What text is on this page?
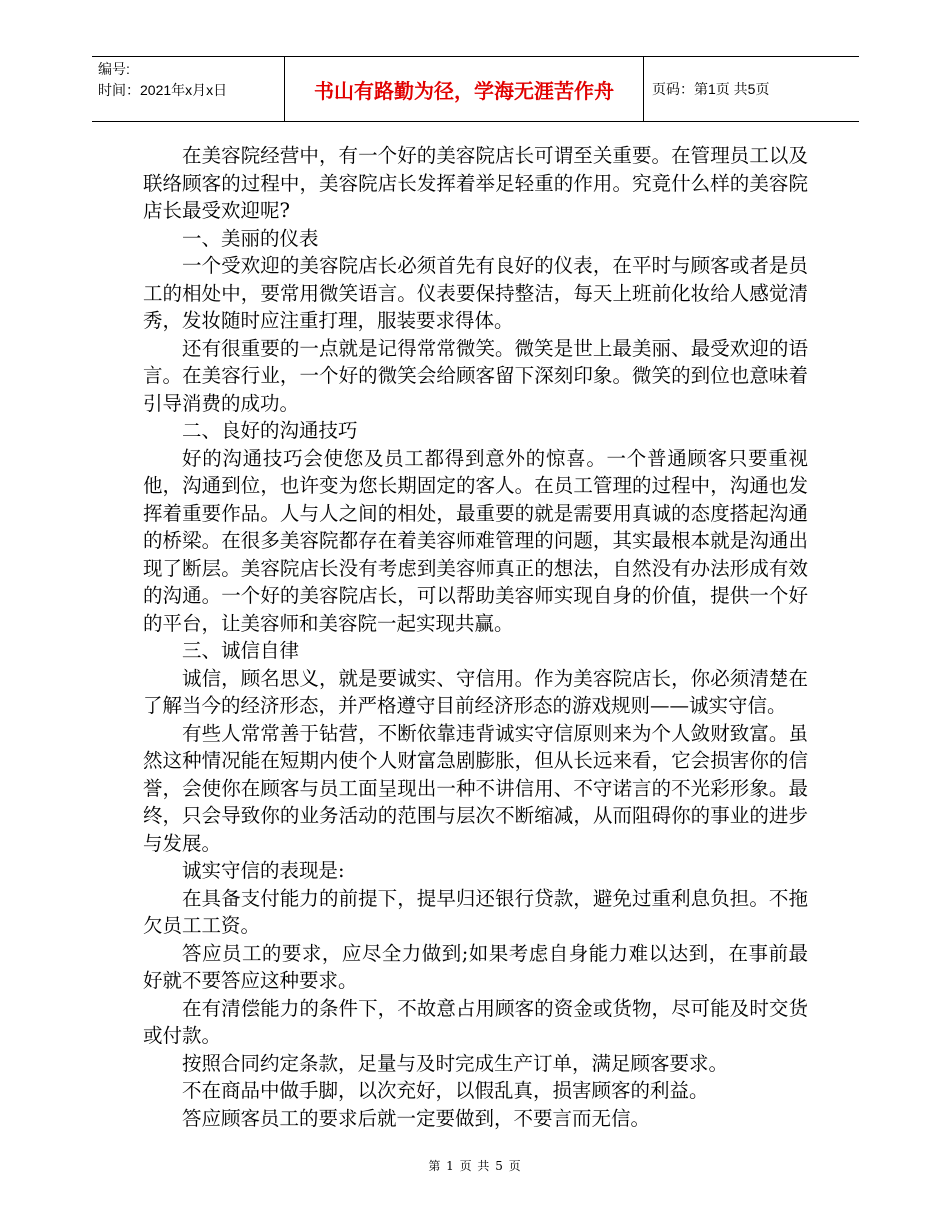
编号:
时间：2021年x月x日	书山有路勤为径，学海无涯苦作舟	页码：第1页 共5页

在美容院经营中，有一个好的美容院店长可谓至关重要。在管理员工以及联络顾客的过程中，美容院店长发挥着举足轻重的作用。究竟什么样的美容院店长最受欢迎呢?

一、美丽的仪表

一个受欢迎的美容院店长必须首先有良好的仪表，在平时与顾客或者是员工的相处中，要常用微笑语言。仪表要保持整洁，每天上班前化妆给人感觉清秀，发妆随时应注重打理，服装要求得体。

还有很重要的一点就是记得常常微笑。微笑是世上最美丽、最受欢迎的语言。在美容行业，一个好的微笑会给顾客留下深刻印象。微笑的到位也意味着引导消费的成功。

二、良好的沟通技巧

好的沟通技巧会使您及员工都得到意外的惊喜。一个普通顾客只要重视他，沟通到位，也许变为您长期固定的客人。在员工管理的过程中，沟通也发挥着重要作品。人与人之间的相处，最重要的就是需要用真诚的态度搭起沟通的桥梁。在很多美容院都存在着美容师难管理的问题，其实最根本就是沟通出现了断层。美容院店长没有考虑到美容师真正的想法，自然没有办法形成有效的沟通。一个好的美容院店长，可以帮助美容师实现自身的价值，提供一个好的平台，让美容师和美容院一起实现共赢。

三、诚信自律

诚信，顾名思义，就是要诚实、守信用。作为美容院店长，你必须清楚在了解当今的经济形态，并严格遵守目前经济形态的游戏规则——诚实守信。

有些人常常善于钻营，不断依靠违背诚实守信原则来为个人敛财致富。虽然这种情况能在短期内使个人财富急剧膨胀，但从长远来看，它会损害你的信誉，会使你在顾客与员工面呈现出一种不讲信用、不守诺言的不光彩形象。最终，只会导致你的业务活动的范围与层次不断缩减，从而阻碍你的事业的进步与发展。

诚实守信的表现是:

在具备支付能力的前提下，提早归还银行贷款，避免过重利息负担。不拖欠员工工资。

答应员工的要求，应尽全力做到;如果考虑自身能力难以达到，在事前最好就不要答应这种要求。

在有清偿能力的条件下，不故意占用顾客的资金或货物，尽可能及时交货或付款。

按照合同约定条款，足量与及时完成生产订单，满足顾客要求。

不在商品中做手脚，以次充好，以假乱真，损害顾客的利益。

答应顾客员工的要求后就一定要做到，不要言而无信。

第 1 页 共 5 页
